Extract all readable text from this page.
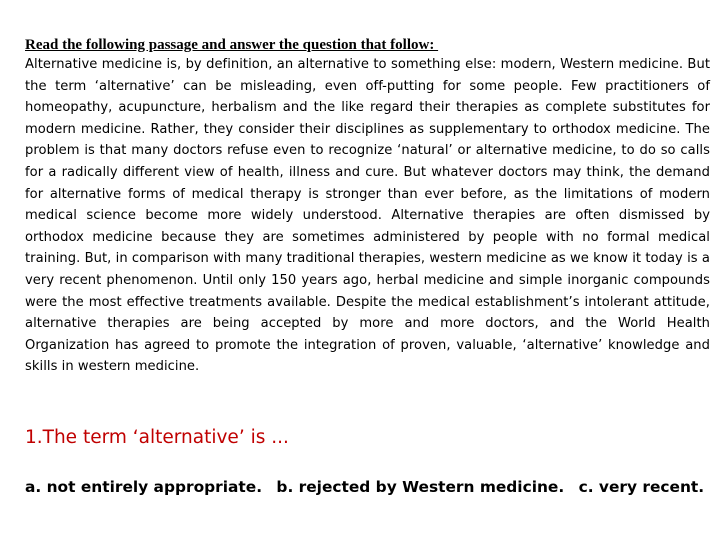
Read the following passage and answer the question that follow:

Alternative medicine is, by definition, an alternative to something else: modern, Western medicine. But the term ‘alternative’ can be misleading, even off-putting for some people. Few practitioners of homeopathy, acupuncture, herbalism and the like regard their therapies as complete substitutes for modern medicine. Rather, they consider their disciplines as supplementary to orthodox medicine. The problem is that many doctors refuse even to recognize ‘natural’ or alternative medicine, to do so calls for a radically different view of health, illness and cure. But whatever doctors may think, the demand for alternative forms of medical therapy is stronger than ever before, as the limitations of modern medical science become more widely understood. Alternative therapies are often dismissed by orthodox medicine because they are sometimes administered by people with no formal medical training. But, in comparison with many traditional therapies, western medicine as we know it today is a very recent phenomenon. Until only 150 years ago, herbal medicine and simple inorganic compounds were the most effective treatments available. Despite the medical establishment’s intolerant attitude, alternative therapies are being accepted by more and more doctors, and the World Health Organization has agreed to promote the integration of proven, valuable, ‘alternative’ knowledge and skills in western medicine.

1.The term ‘alternative’ is ...

a. not entirely appropriate. b. rejected by Western medicine. c. very recent.
